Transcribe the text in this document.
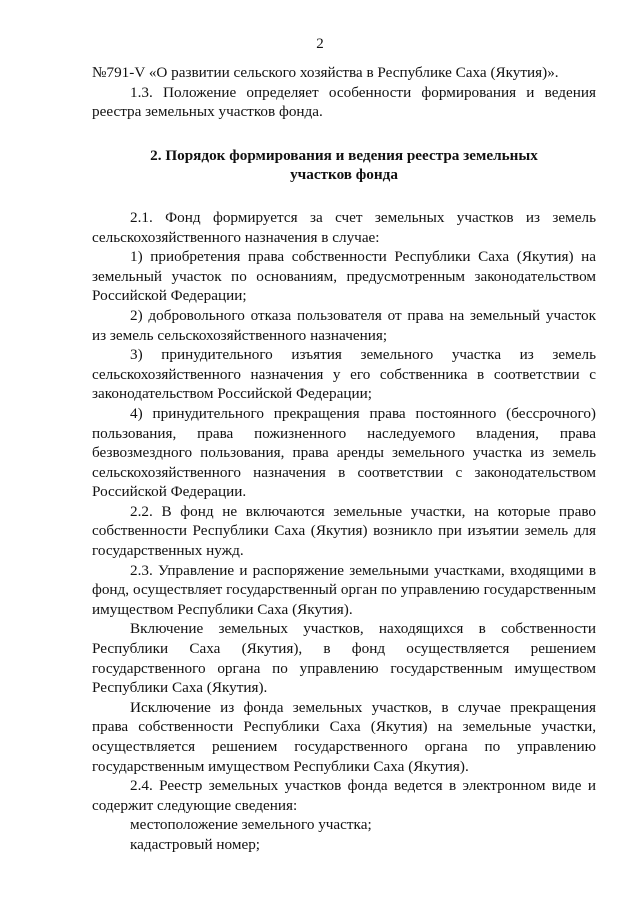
2

№791-V «О развитии сельского хозяйства в Республике Саха (Якутия)».

1.3. Положение определяет особенности формирования и ведения реестра земельных участков фонда.

2. Порядок формирования и ведения реестра земельных участков фонда

2.1. Фонд формируется за счет земельных участков из земель сельскохозяйственного назначения в случае:

1) приобретения права собственности Республики Саха (Якутия) на земельный участок по основаниям, предусмотренным законодательством Российской Федерации;

2) добровольного отказа пользователя от права на земельный участок из земель сельскохозяйственного назначения;

3) принудительного изъятия земельного участка из земель сельскохозяйственного назначения у его собственника в соответствии с законодательством Российской Федерации;

4) принудительного прекращения права постоянного (бессрочного) пользования, права пожизненного наследуемого владения, права безвозмездного пользования, права аренды земельного участка из земель сельскохозяйственного назначения в соответствии с законодательством Российской Федерации.

2.2. В фонд не включаются земельные участки, на которые право собственности Республики Саха (Якутия) возникло при изъятии земель для государственных нужд.

2.3. Управление и распоряжение земельными участками, входящими в фонд, осуществляет государственный орган по управлению государственным имуществом Республики Саха (Якутия).

Включение земельных участков, находящихся в собственности Республики Саха (Якутия), в фонд осуществляется решением государственного органа по управлению государственным имуществом Республики Саха (Якутия).

Исключение из фонда земельных участков, в случае прекращения права собственности Республики Саха (Якутия) на земельные участки, осуществляется решением государственного органа по управлению государственным имуществом Республики Саха (Якутия).

2.4. Реестр земельных участков фонда ведется в электронном виде и содержит следующие сведения:

местоположение земельного участка;

кадастровый номер;
